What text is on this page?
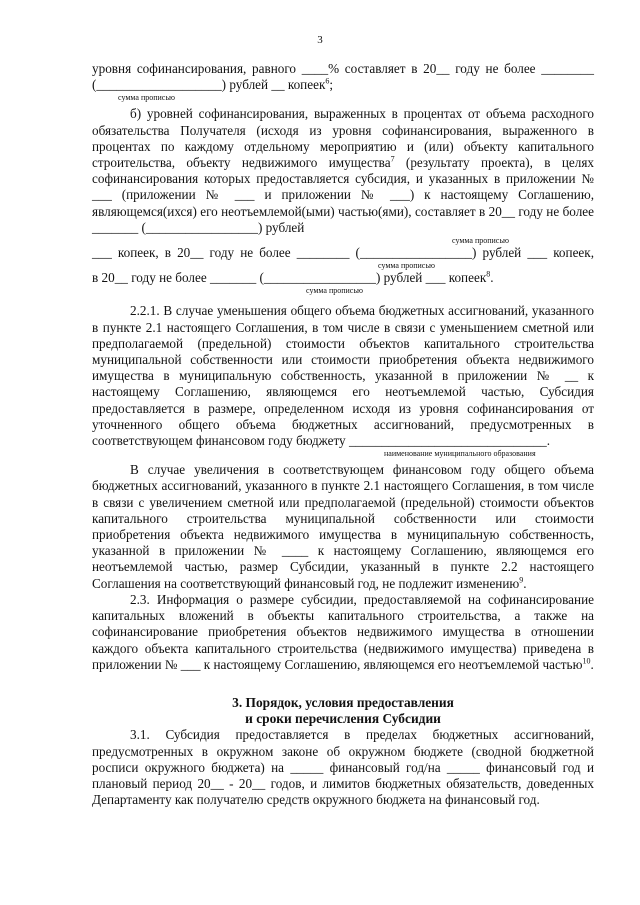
3
уровня софинансирования, равного ____% составляет в 20__ году не более ________
(___________________) рублей __ копеек$^6$;
сумма прописью

б) уровней софинансирования, выраженных в процентах от объема расходного обязательства Получателя (исходя из уровня софинансирования, выраженного в процентах по каждому отдельному мероприятию и (или) объекту капитального строительства, объекту недвижимого имущества$^7$ (результату проекта), в целях софинансирования которых предоставляется субсидия, и указанных в приложении № ___ (приложении № ___ и приложении № ___) к настоящему Соглашению, являющемся(ихся) его неотъемлемой(ыми) частью(ями), составляет в 20__ году не более _______ (_________________) рублей

сумма прописью
___ копеек, в 20__ году не более ________ (_________________) рублей ___ копеек,
сумма прописью
в 20__ году не более _______ (_________________) рублей ___ копеек$^8$.
сумма прописью

2.2.1. В случае уменьшения общего объема бюджетных ассигнований, указанного в пункте 2.1 настоящего Соглашения, в том числе в связи с уменьшением сметной или предполагаемой (предельной) стоимости объектов капитального строительства муниципальной собственности или стоимости приобретения объекта недвижимого имущества в муниципальную собственность, указанной в приложении № __ к настоящему Соглашению, являющемся его неотъемлемой частью, Субсидия предоставляется в размере, определенном исходя из уровня софинансирования от уточненного общего объема бюджетных ассигнований, предусмотренных в соответствующем финансовом году бюджету ______________________________.

наименование муниципального образования

В случае увеличения в соответствующем финансовом году общего объема бюджетных ассигнований, указанного в пункте 2.1 настоящего Соглашения, в том числе в связи с увеличением сметной или предполагаемой (предельной) стоимости объектов капитального строительства муниципальной собственности или стоимости приобретения объекта недвижимого имущества в муниципальную собственность, указанной в приложении № ____ к настоящему Соглашению, являющемся его неотъемлемой частью, размер Субсидии, указанный в пункте 2.2 настоящего Соглашения на соответствующий финансовый год, не подлежит изменению$^9$.

2.3. Информация о размере субсидии, предоставляемой на софинансирование капитальных вложений в объекты капитального строительства, а также на софинансирование приобретения объектов недвижимого имущества в отношении каждого объекта капитального строительства (недвижимого имущества) приведена в приложении № ___ к настоящему Соглашению, являющемся его неотъемлемой частью$^{10}$.

3. Порядок, условия предоставления

и сроки перечисления Субсидии

3.1. Субсидия предоставляется в пределах бюджетных ассигнований, предусмотренных в окружном законе об окружном бюджете (сводной бюджетной росписи окружного бюджета) на _____ финансовый год/на _____ финансовый год и плановый период 20__ - 20__ годов, и лимитов бюджетных обязательств, доведенных Департаменту как получателю средств окружного бюджета на финансовый год.
